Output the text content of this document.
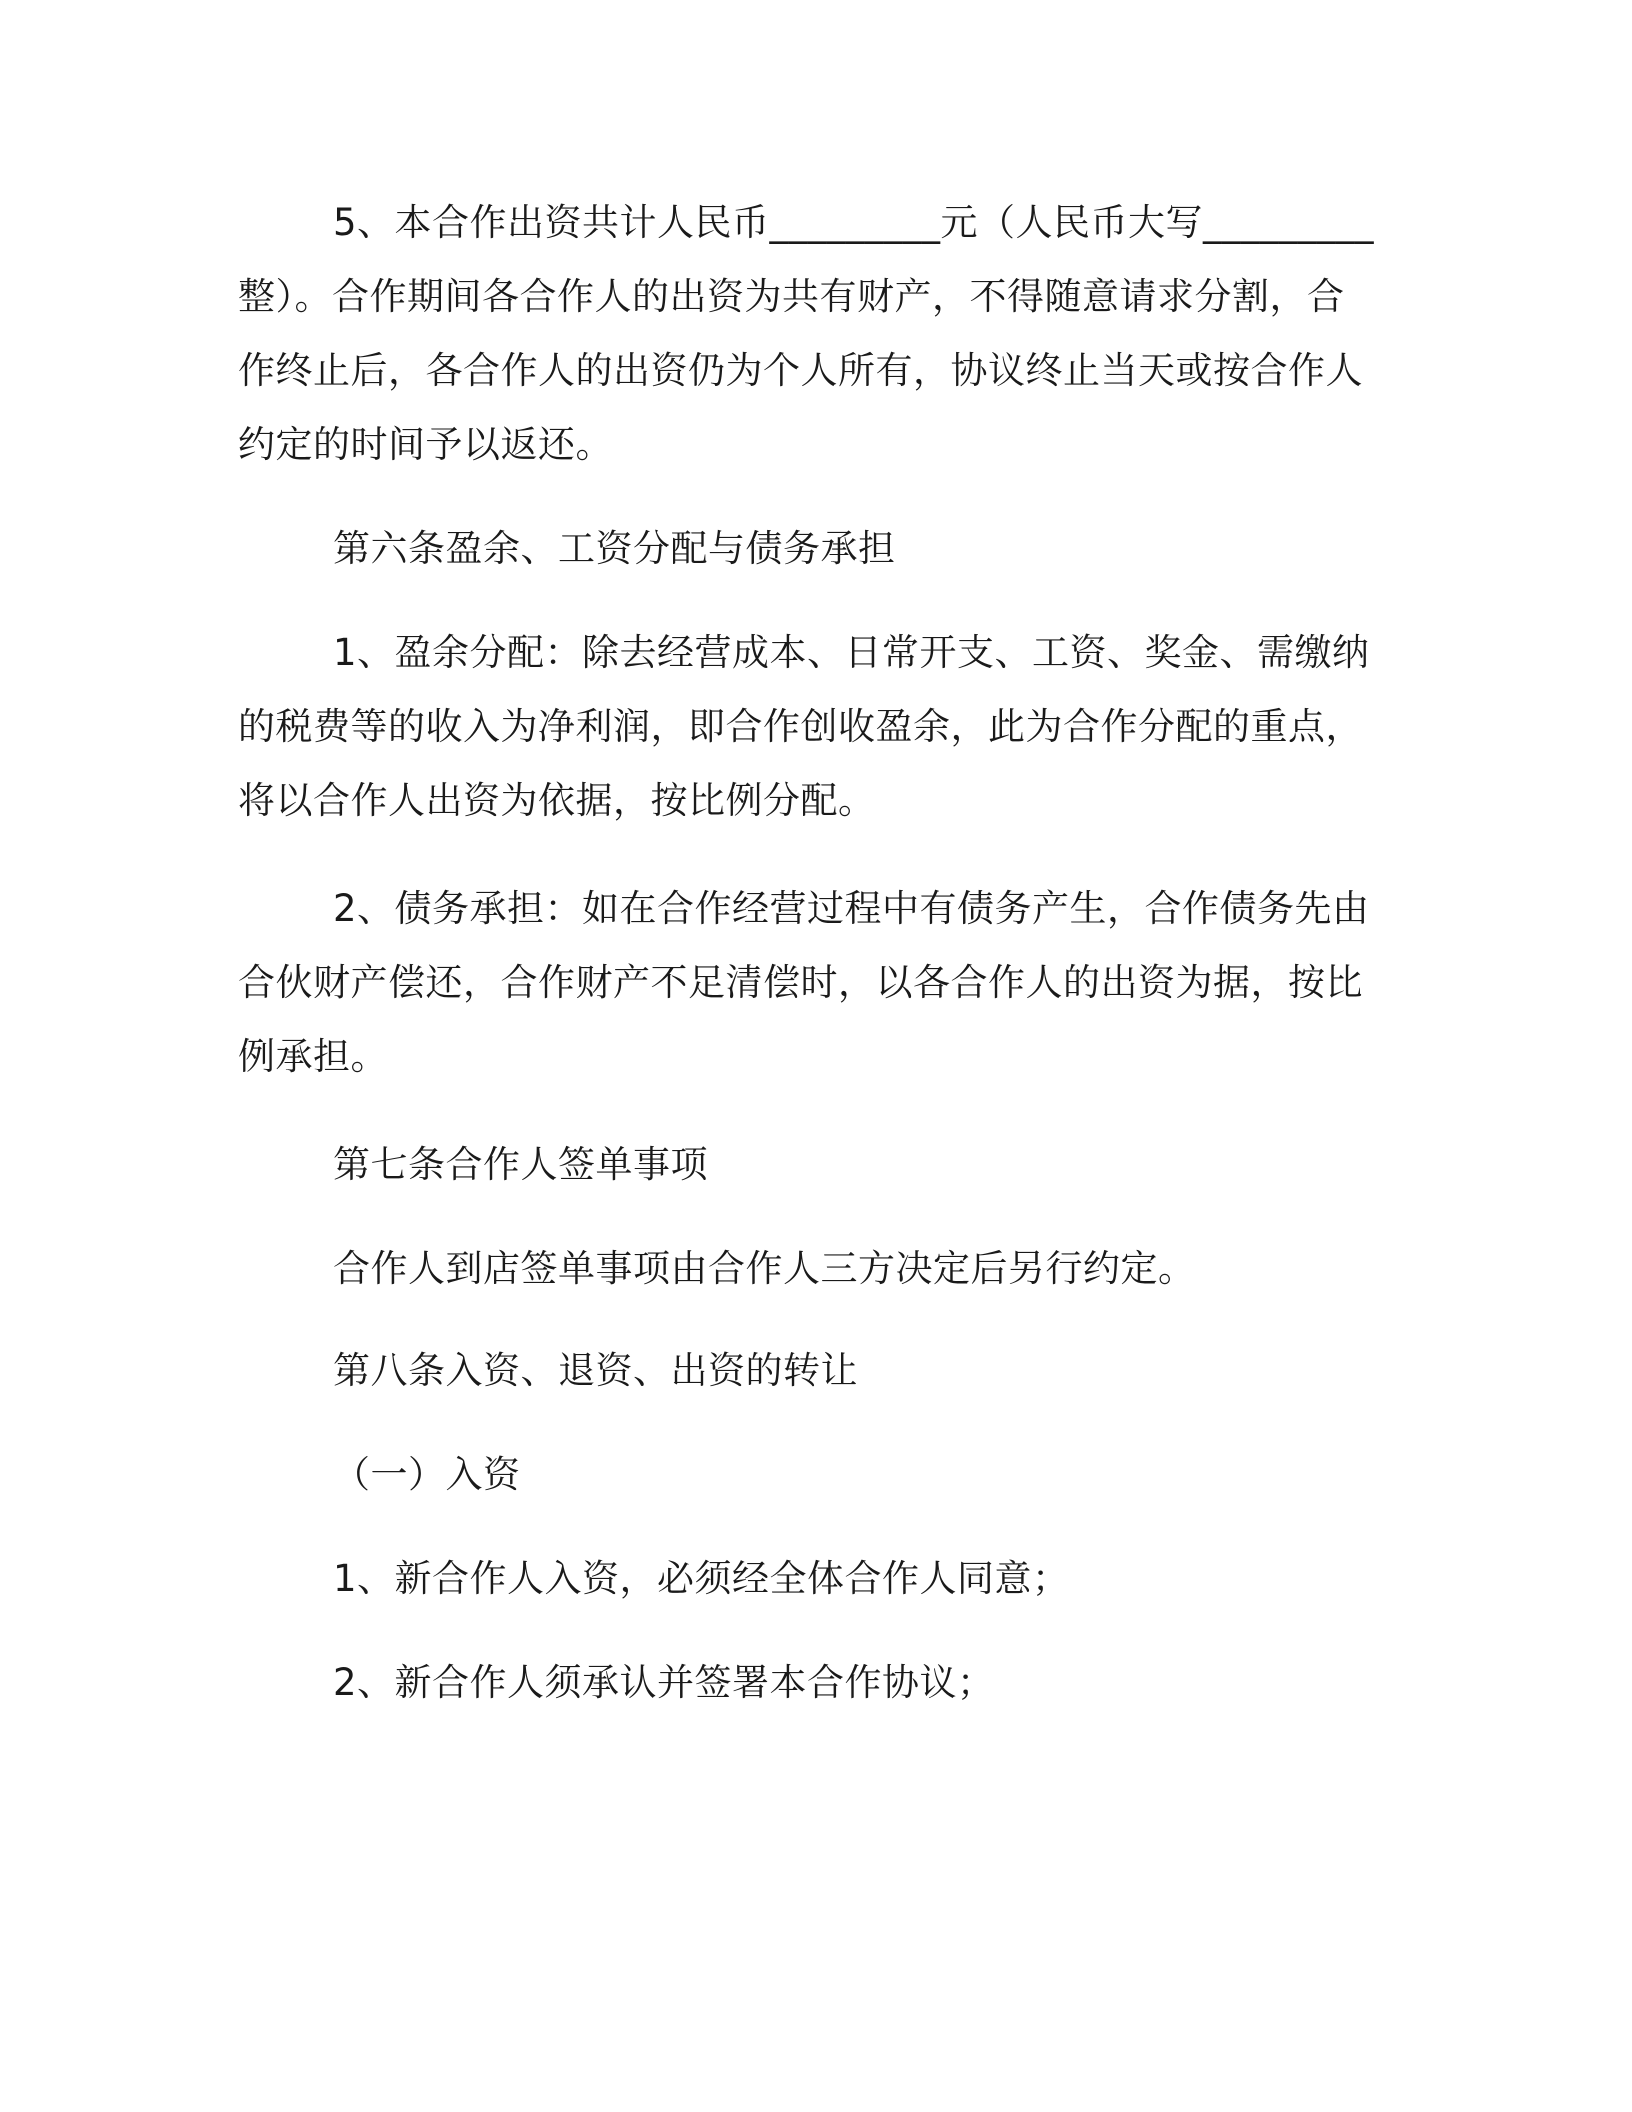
5、本合作出资共计人民币_________元（人民币大写_________
整）。合作期间各合作人的出资为共有财产，不得随意请求分割，合
作终止后，各合作人的出资仍为个人所有，协议终止当天或按合作人
约定的时间予以返还。
第六条盈余、工资分配与债务承担
1、盈余分配：除去经营成本、日常开支、工资、奖金、需缴纳
的税费等的收入为净利润，即合作创收盈余，此为合作分配的重点，
将以合作人出资为依据，按比例分配。
2、债务承担：如在合作经营过程中有债务产生，合作债务先由
合伙财产偿还，合作财产不足清偿时，以各合作人的出资为据，按比
例承担。
第七条合作人签单事项
合作人到店签单事项由合作人三方决定后另行约定。
第八条入资、退资、出资的转让
（一）入资
1、新合作人入资，必须经全体合作人同意；
2、新合作人须承认并签署本合作协议；
